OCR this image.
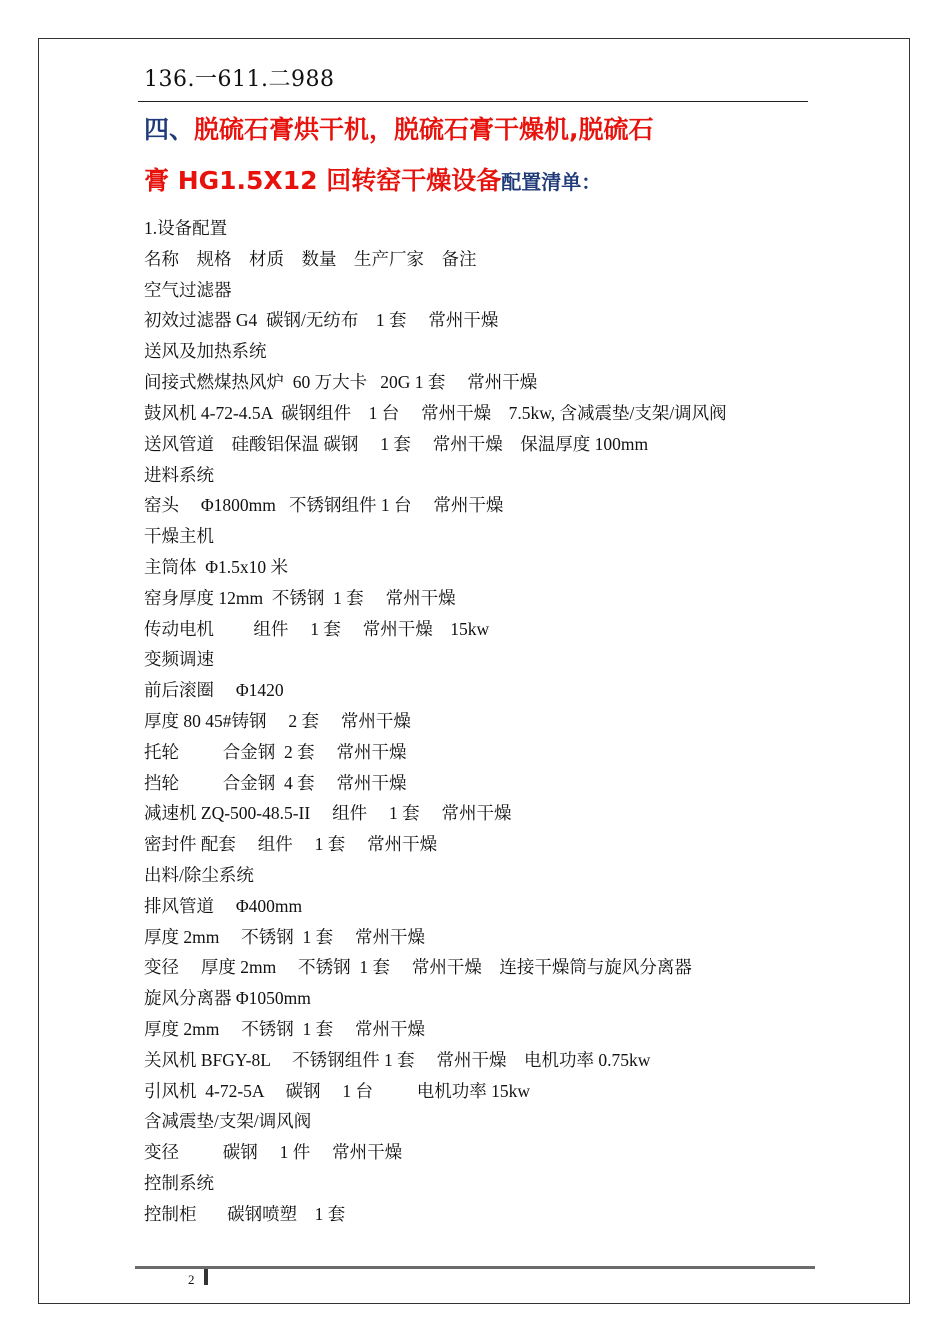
136.一611.二988
四、脱硫石膏烘干机，脱硫石膏干燥机,脱硫石
膏 HG1.5X12 回转窑干燥设备配置清单：
1.设备配置
名称    规格    材质    数量    生产厂家    备注
空气过滤器
初效过滤器 G4  碳钢/无纺布    1 套     常州干燥
送风及加热系统
间接式燃煤热风炉  60 万大卡   20G 1 套     常州干燥
鼓风机 4-72-4.5A  碳钢组件    1 台     常州干燥    7.5kw, 含减震垫/支架/调风阀
送风管道    硅酸铝保温 碳钢     1 套     常州干燥    保温厚度 100mm
进料系统
窑头     Φ1800mm   不锈钢组件 1 台     常州干燥
干燥主机
主筒体  Φ1.5x10 米
窑身厚度 12mm  不锈钢  1 套     常州干燥
传动电机         组件     1 套     常州干燥    15kw
变频调速
前后滚圈     Φ1420
厚度 80 45#铸钢     2 套     常州干燥
托轮          合金钢  2 套     常州干燥
挡轮          合金钢  4 套     常州干燥
减速机 ZQ-500-48.5-II     组件     1 套     常州干燥
密封件 配套     组件     1 套     常州干燥
出料/除尘系统
排风管道     Φ400mm
厚度 2mm     不锈钢  1 套     常州干燥
变径     厚度 2mm     不锈钢  1 套     常州干燥    连接干燥筒与旋风分离器
旋风分离器 Φ1050mm
厚度 2mm     不锈钢  1 套     常州干燥
关风机 BFGY-8L     不锈钢组件 1 套     常州干燥    电机功率 0.75kw
引风机  4-72-5A     碳钢     1 台          电机功率 15kw
含减震垫/支架/调风阀
变径          碳钢     1 件     常州干燥
控制系统
控制柜       碳钢喷塑    1 套
2
